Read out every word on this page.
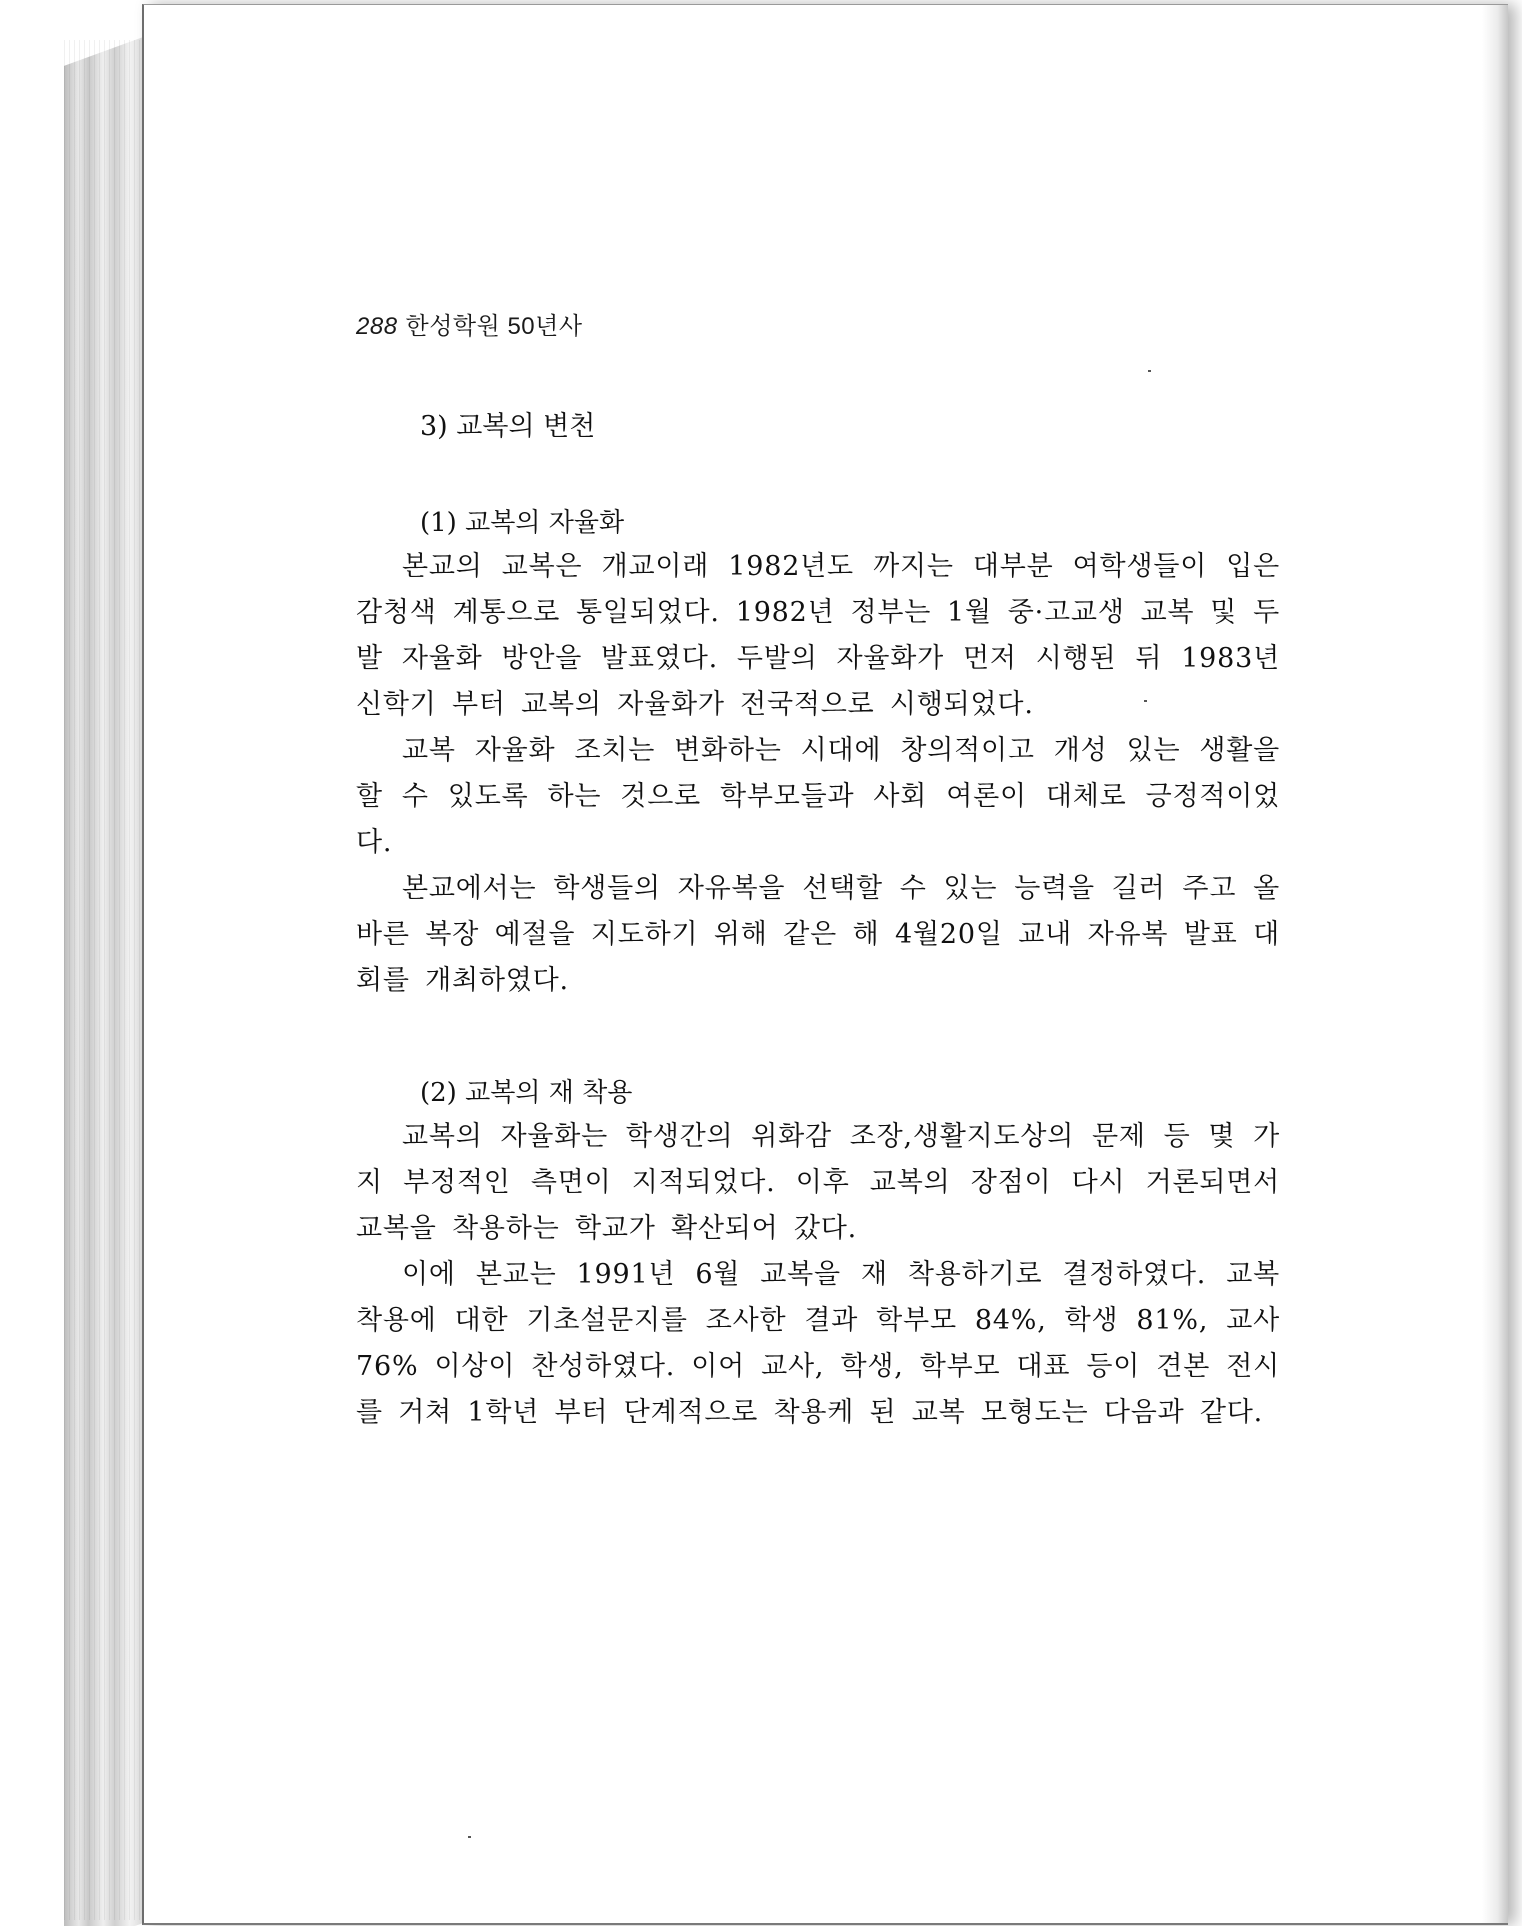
288 한성학원 50년사
3) 교복의 변천
(1) 교복의 자율화

본교의 교복은 개교이래 1982년도 까지는 대부분 여학생들이 입은 감청색 계통으로 통일되었다. 1982년 정부는 1월 중·고교생 교복 및 두발 자율화 방안을 발표였다. 두발의 자율화가 먼저 시행된 뒤 1983년 신학기 부터 교복의 자율화가 전국적으로 시행되었다.

교복 자율화 조치는 변화하는 시대에 창의적이고 개성 있는 생활을 할 수 있도록 하는 것으로 학부모들과 사회 여론이 대체로 긍정적이었다.

본교에서는 학생들의 자유복을 선택할 수 있는 능력을 길러 주고 올바른 복장 예절을 지도하기 위해 같은 해 4월20일 교내 자유복 발표 대회를 개최하였다.

(2) 교복의 재 착용

교복의 자율화는 학생간의 위화감 조장,생활지도상의 문제 등 몇 가지 부정적인 측면이 지적되었다. 이후 교복의 장점이 다시 거론되면서 교복을 착용하는 학교가 확산되어 갔다.

이에 본교는 1991년 6월 교복을 재 착용하기로 결정하였다. 교복 착용에 대한 기초설문지를 조사한 결과 학부모 84%, 학생 81%, 교사 76% 이상이 찬성하였다. 이어 교사, 학생, 학부모 대표 등이 견본 전시를 거쳐 1학년 부터 단계적으로 착용케 된 교복 모형도는 다음과 같다.
